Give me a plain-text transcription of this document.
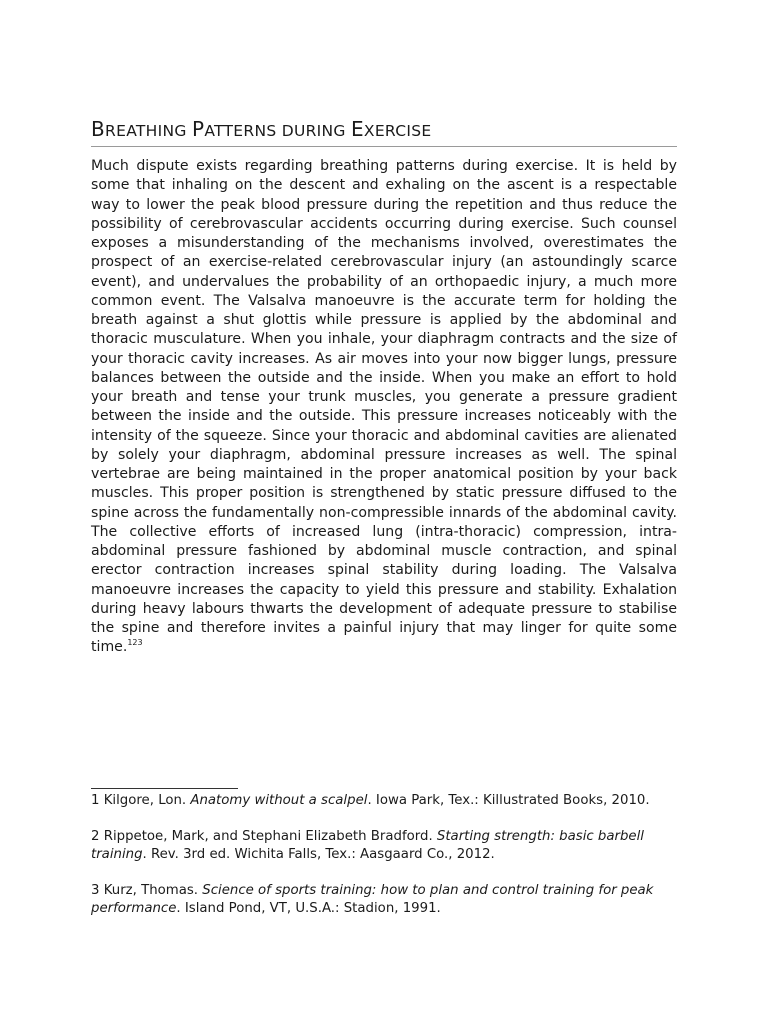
BREATHING PATTERNS DURING EXERCISE

Much dispute exists regarding breathing patterns during exercise. It is held by some that inhaling on the descent and exhaling on the ascent is a respectable way to lower the peak blood pressure during the repetition and thus reduce the possibility of cerebrovascular accidents occurring during exercise. Such counsel exposes a misunderstanding of the mechanisms involved, overestimates the prospect of an exercise-related cerebrovascular injury (an astoundingly scarce event), and undervalues the probability of an orthopaedic injury, a much more common event. The Valsalva manoeuvre is the accurate term for holding the breath against a shut glottis while pressure is applied by the abdominal and thoracic musculature. When you inhale, your diaphragm contracts and the size of your thoracic cavity increases. As air moves into your now bigger lungs, pressure balances between the outside and the inside. When you make an effort to hold your breath and tense your trunk muscles, you generate a pressure gradient between the inside and the outside. This pressure increases noticeably with the intensity of the squeeze. Since your thoracic and abdominal cavities are alienated by solely your diaphragm, abdominal pressure increases as well. The spinal vertebrae are being maintained in the proper anatomical position by your back muscles. This proper position is strengthened by static pressure diffused to the spine across the fundamentally non-compressible innards of the abdominal cavity. The collective efforts of increased lung (intra-thoracic) compression, intra-abdominal pressure fashioned by abdominal muscle contraction, and spinal erector contraction increases spinal stability during loading. The Valsalva manoeuvre increases the capacity to yield this pressure and stability. Exhalation during heavy labours thwarts the development of adequate pressure to stabilise the spine and therefore invites a painful injury that may linger for quite some time.$^{123}$

1 Kilgore, Lon. Anatomy without a scalpel. Iowa Park, Tex.: Killustrated Books, 2010.

2 Rippetoe, Mark, and Stephani Elizabeth Bradford. Starting strength: basic barbell training. Rev. 3rd ed. Wichita Falls, Tex.: Aasgaard Co., 2012.

3 Kurz, Thomas. Science of sports training: how to plan and control training for peak performance. Island Pond, VT, U.S.A.: Stadion, 1991.
